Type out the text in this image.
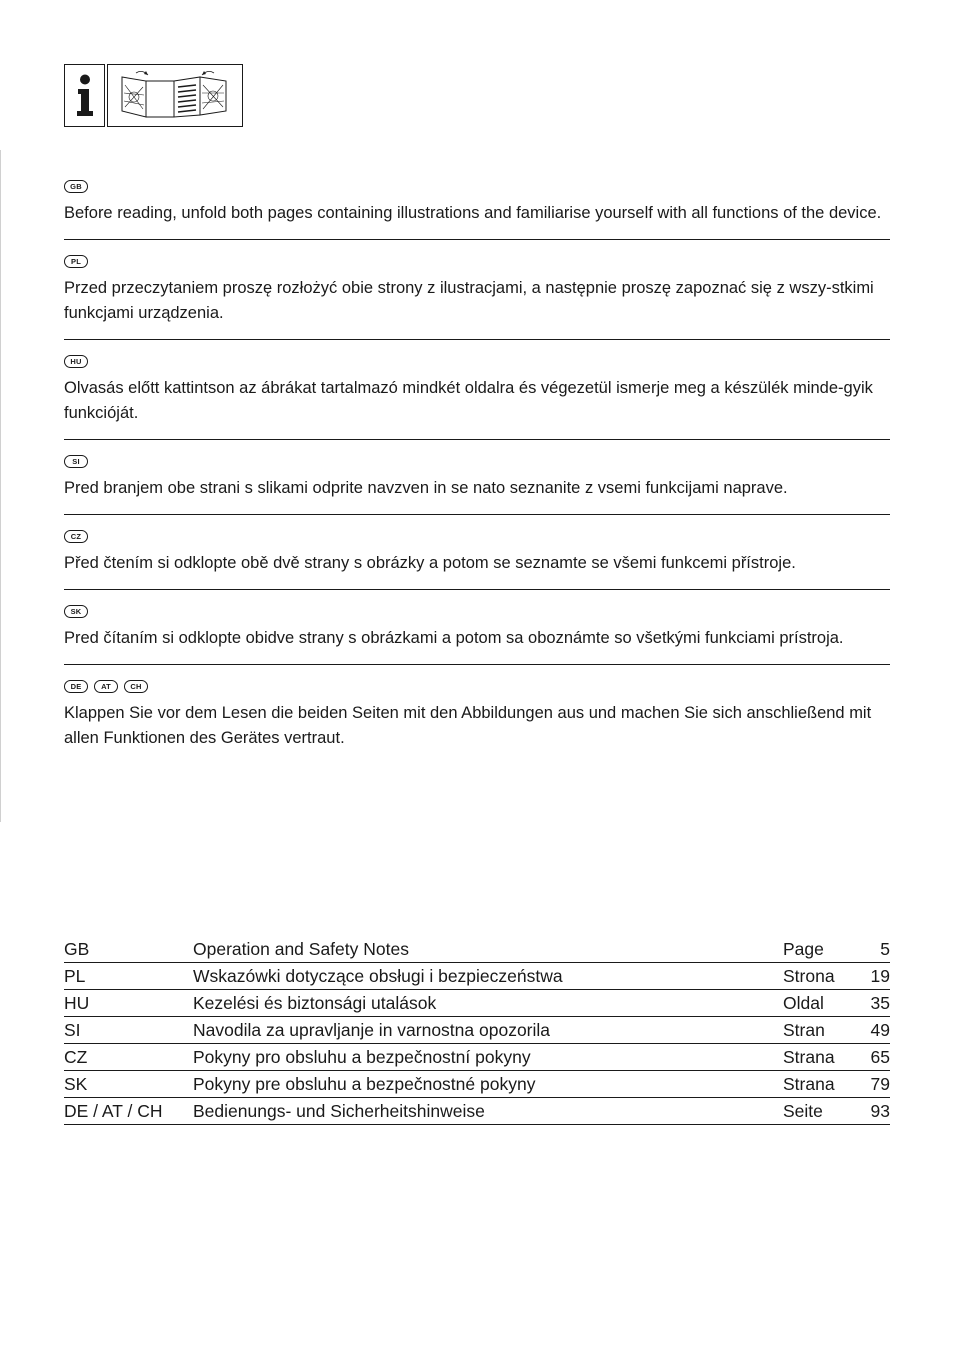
GB

Before reading, unfold both pages containing illustrations and familiarise yourself with all functions of the device.

PL

Przed przeczytaniem proszę rozłożyć obie strony z ilustracjami, a następnie proszę zapoznać się z wszy-stkimi funkcjami urządzenia.

HU

Olvasás előtt kattintson az ábrákat tartalmazó mindkét oldalra és végezetül ismerje meg a készülék minde-gyik funkcióját.

SI

Pred branjem obe strani s slikami odprite navzven in se nato seznanite z vsemi funkcijami naprave.

CZ

Před čtením si odklopte obě dvě strany s obrázky a potom se seznamte se všemi funkcemi přístroje.

SK

Pred čítaním si odklopte obidve strany s obrázkami a potom sa oboznámte so všetkými funkciami prístroja.

DE	AT	CH

Klappen Sie vor dem Lesen die beiden Seiten mit den Abbildungen aus und machen Sie sich anschließend mit allen Funktionen des Gerätes vertraut.

GB	Operation and Safety Notes	Page	5
PL	Wskazówki dotyczące obsługi i bezpieczeństwa	Strona	19
HU	Kezelési és biztonsági utalások	Oldal	35
SI	Navodila za upravljanje in varnostna opozorila	Stran	49
CZ	Pokyny pro obsluhu a bezpečnostní pokyny	Strana	65
SK	Pokyny pre obsluhu a bezpečnostné pokyny	Strana	79
DE / AT / CH	Bedienungs- und Sicherheitshinweise	Seite	93
